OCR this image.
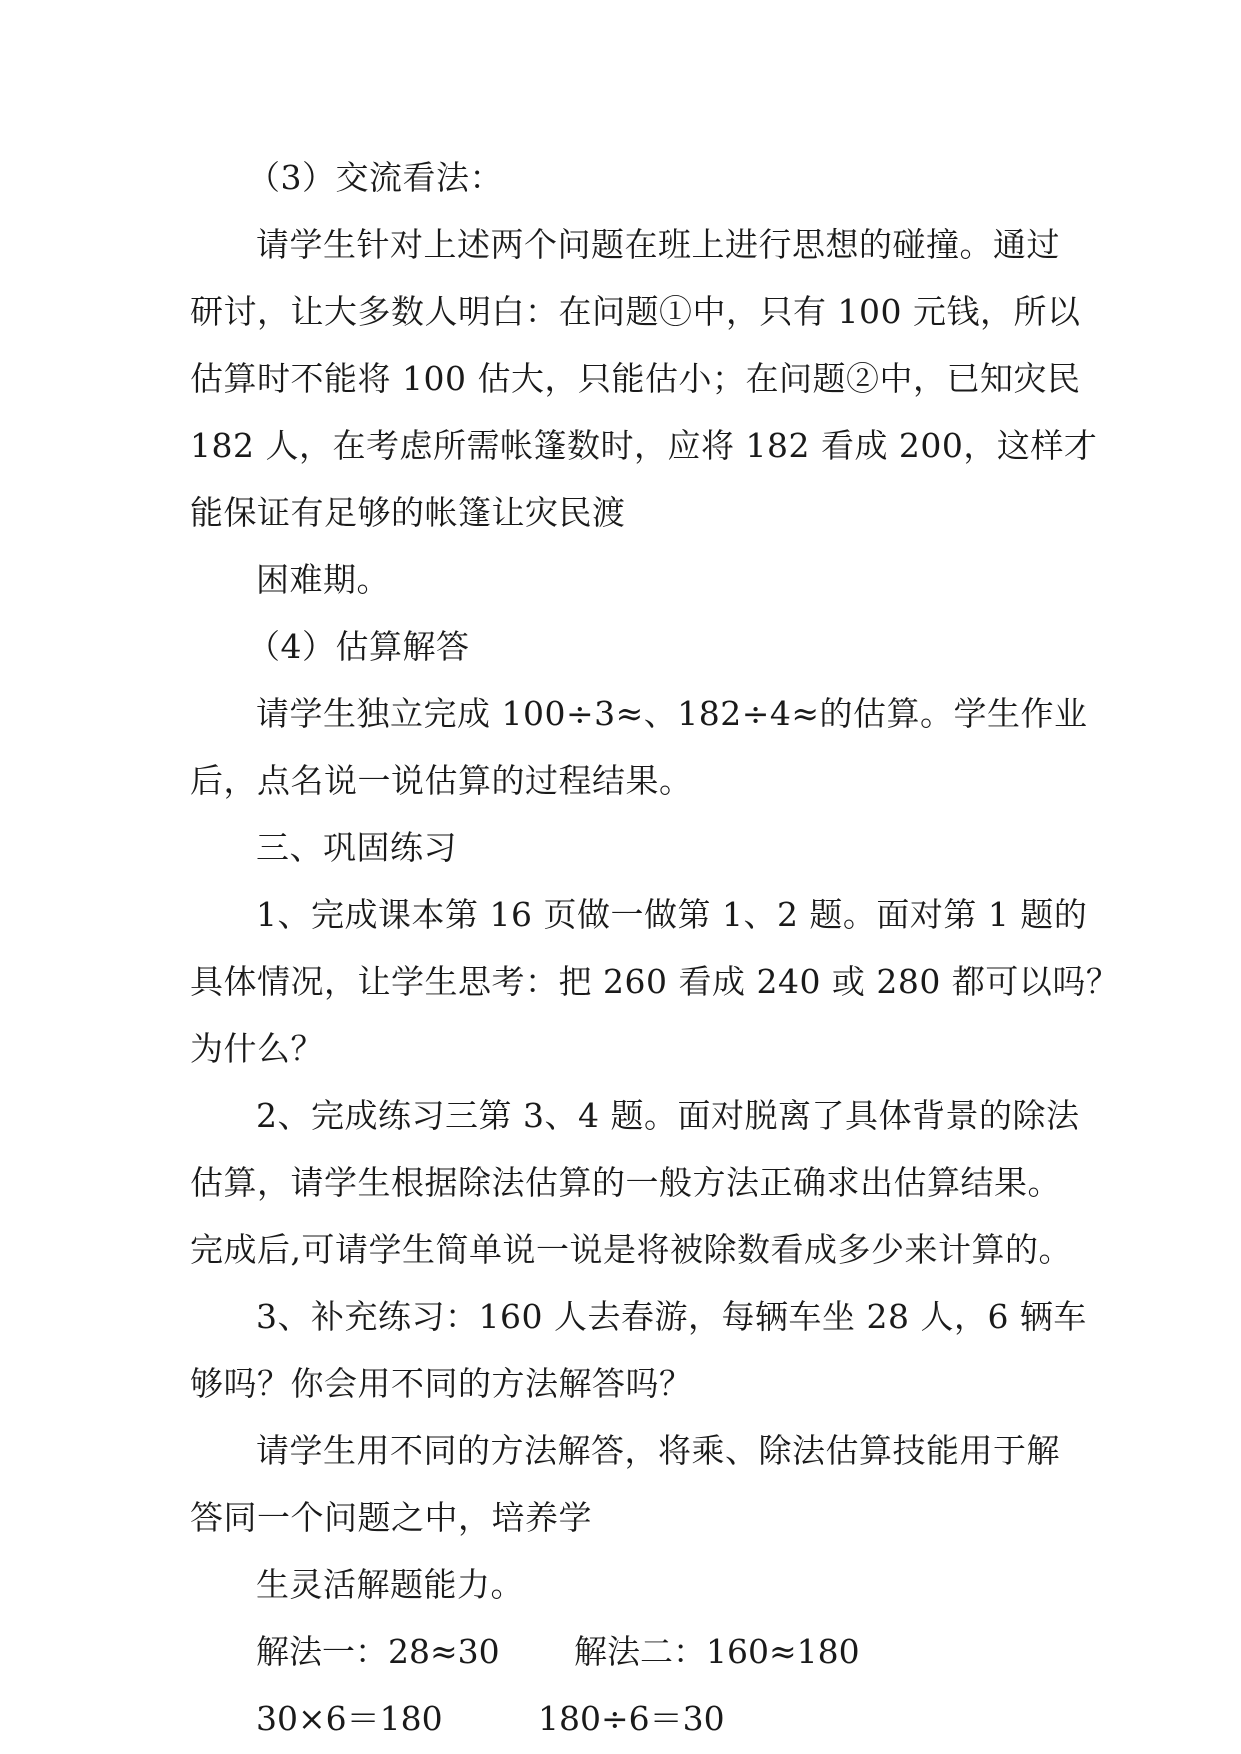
（3）交流看法：
请学生针对上述两个问题在班上进行思想的碰撞。通过
研讨，让大多数人明白：在问题①中，只有 100 元钱，所以
估算时不能将 100 估大，只能估小；在问题②中，已知灾民
182 人，在考虑所需帐篷数时，应将 182 看成 200，这样才
能保证有足够的帐篷让灾民渡
困难期。
（4）估算解答
请学生独立完成 100÷3≈、182÷4≈的估算。学生作业
后，点名说一说估算的过程结果。
三、巩固练习
1、完成课本第 16 页做一做第 1、2 题。面对第 1 题的
具体情况，让学生思考：把 260 看成 240 或 280 都可以吗？
为什么？
2、完成练习三第 3、4 题。面对脱离了具体背景的除法
估算，请学生根据除法估算的一般方法正确求出估算结果。
完成后,可请学生简单说一说是将被除数看成多少来计算的。
3、补充练习：160 人去春游，每辆车坐 28 人，6 辆车
够吗？你会用不同的方法解答吗？
请学生用不同的方法解答，将乘、除法估算技能用于解
答同一个问题之中，培养学
生灵活解题能力。
解法一：28≈30 解法二：160≈180
30×6＝180	180÷6＝30
